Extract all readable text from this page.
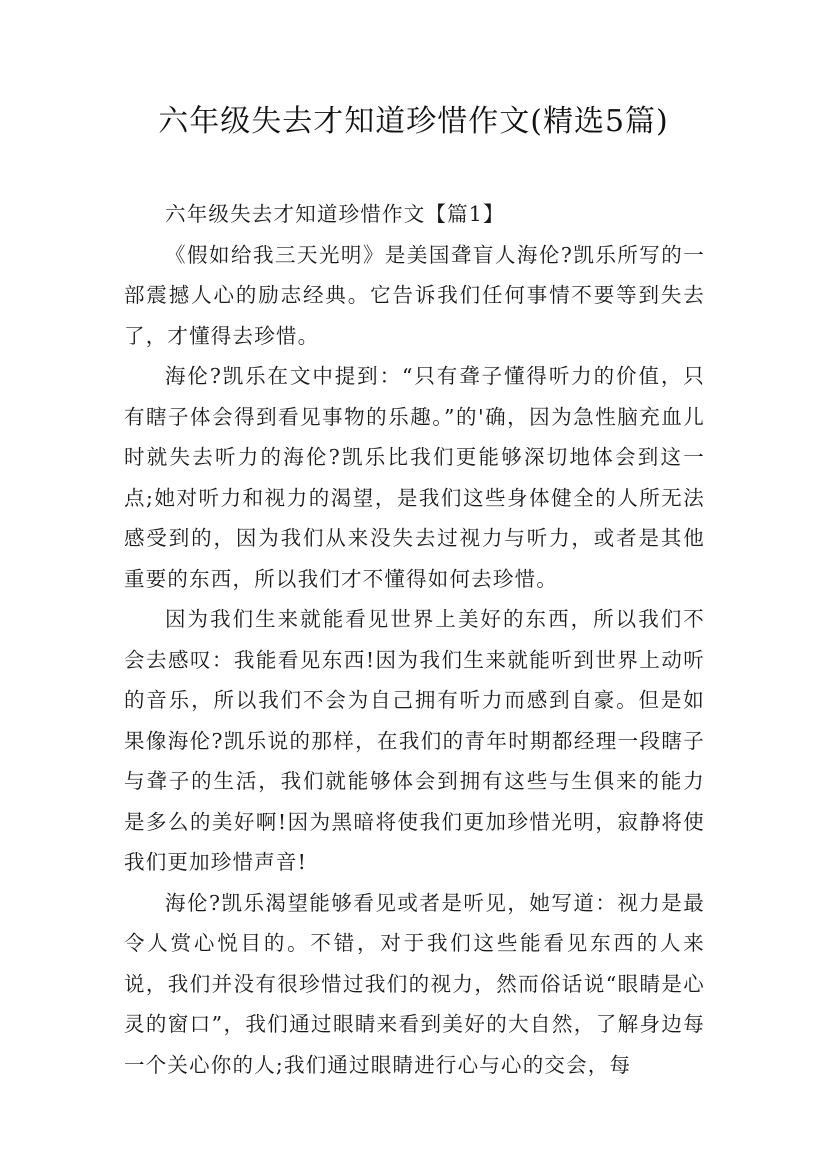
六年级失去才知道珍惜作文(精选5篇)

六年级失去才知道珍惜作文【篇1】

《假如给我三天光明》是美国聋盲人海伦?凯乐所写的一部震撼人心的励志经典。它告诉我们任何事情不要等到失去了，才懂得去珍惜。

海伦?凯乐在文中提到：“只有聋子懂得听力的价值，只有瞎子体会得到看见事物的乐趣。”的'确，因为急性脑充血儿时就失去听力的海伦?凯乐比我们更能够深切地体会到这一点;她对听力和视力的渴望，是我们这些身体健全的人所无法感受到的，因为我们从来没失去过视力与听力，或者是其他重要的东西，所以我们才不懂得如何去珍惜。

因为我们生来就能看见世界上美好的东西，所以我们不会去感叹：我能看见东西!因为我们生来就能听到世界上动听的音乐，所以我们不会为自己拥有听力而感到自豪。但是如果像海伦?凯乐说的那样，在我们的青年时期都经理一段瞎子与聋子的生活，我们就能够体会到拥有这些与生俱来的能力是多么的美好啊!因为黑暗将使我们更加珍惜光明，寂静将使我们更加珍惜声音!

海伦?凯乐渴望能够看见或者是听见，她写道：视力是最令人赏心悦目的。不错，对于我们这些能看见东西的人来说，我们并没有很珍惜过我们的视力，然而俗话说“眼睛是心灵的窗口”，我们通过眼睛来看到美好的大自然，了解身边每一个关心你的人;我们通过眼睛进行心与心的交会，每
